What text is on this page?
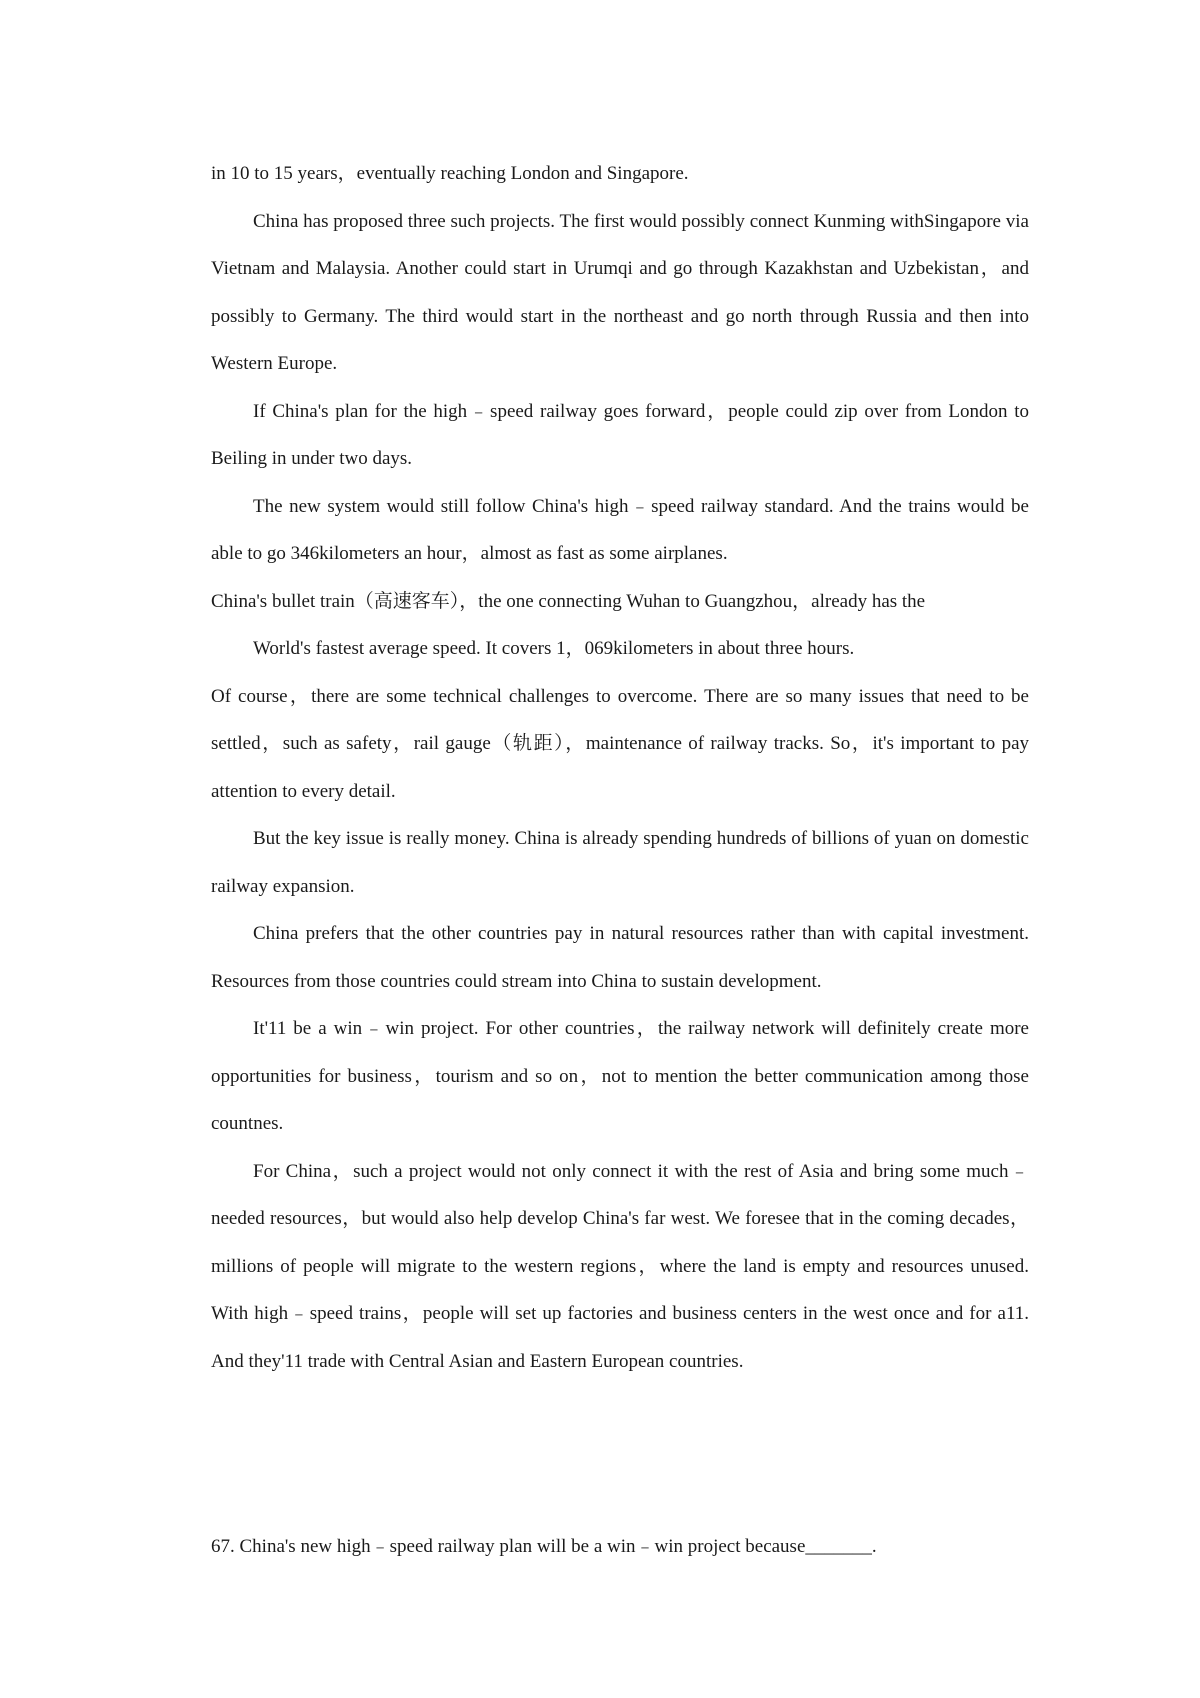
in 10 to 15 years，eventually reaching London and Singapore.

China has proposed three such projects. The first would possibly connect Kunming withSingapore via Vietnam and Malaysia. Another could start in Urumqi and go through Kazakhstan and Uzbekistan，and possibly to Germany. The third would start in the northeast and go north through Russia and then into Western Europe.

If China's plan for the high﹣speed railway goes forward，people could zip over from London to Beiling in under two days.

The new system would still follow China's high﹣speed railway standard. And the trains would be able to go 346kilometers an hour，almost as fast as some airplanes.

China's bullet train（高速客车），the one connecting Wuhan to Guangzhou，already has the

World's fastest average speed. It covers 1，069kilometers in about three hours.

Of course，there are some technical challenges to overcome. There are so many issues that need to be settled，such as safety，rail gauge（轨距），maintenance of railway tracks. So，it's important to pay attention to every detail.

But the key issue is really money. China is already spending hundreds of billions of yuan on domestic railway expansion.

China prefers that the other countries pay in natural resources rather than with capital investment. Resources from those countries could stream into China to sustain development.

It'11 be a win﹣win project. For other countries，the railway network will definitely create more opportunities for business，tourism and so on，not to mention the better communication among those countnes.

For China，such a project would not only connect it with the rest of Asia and bring some much﹣needed resources，but would also help develop China's far west. We foresee that in the coming decades，millions of people will migrate to the western regions，where the land is empty and resources unused. With high﹣speed trains，people will set up factories and business centers in the west once and for a11. And they'11 trade with Central Asian and Eastern European countries.

67. China's new high﹣speed railway plan will be a win﹣win project because_______.
